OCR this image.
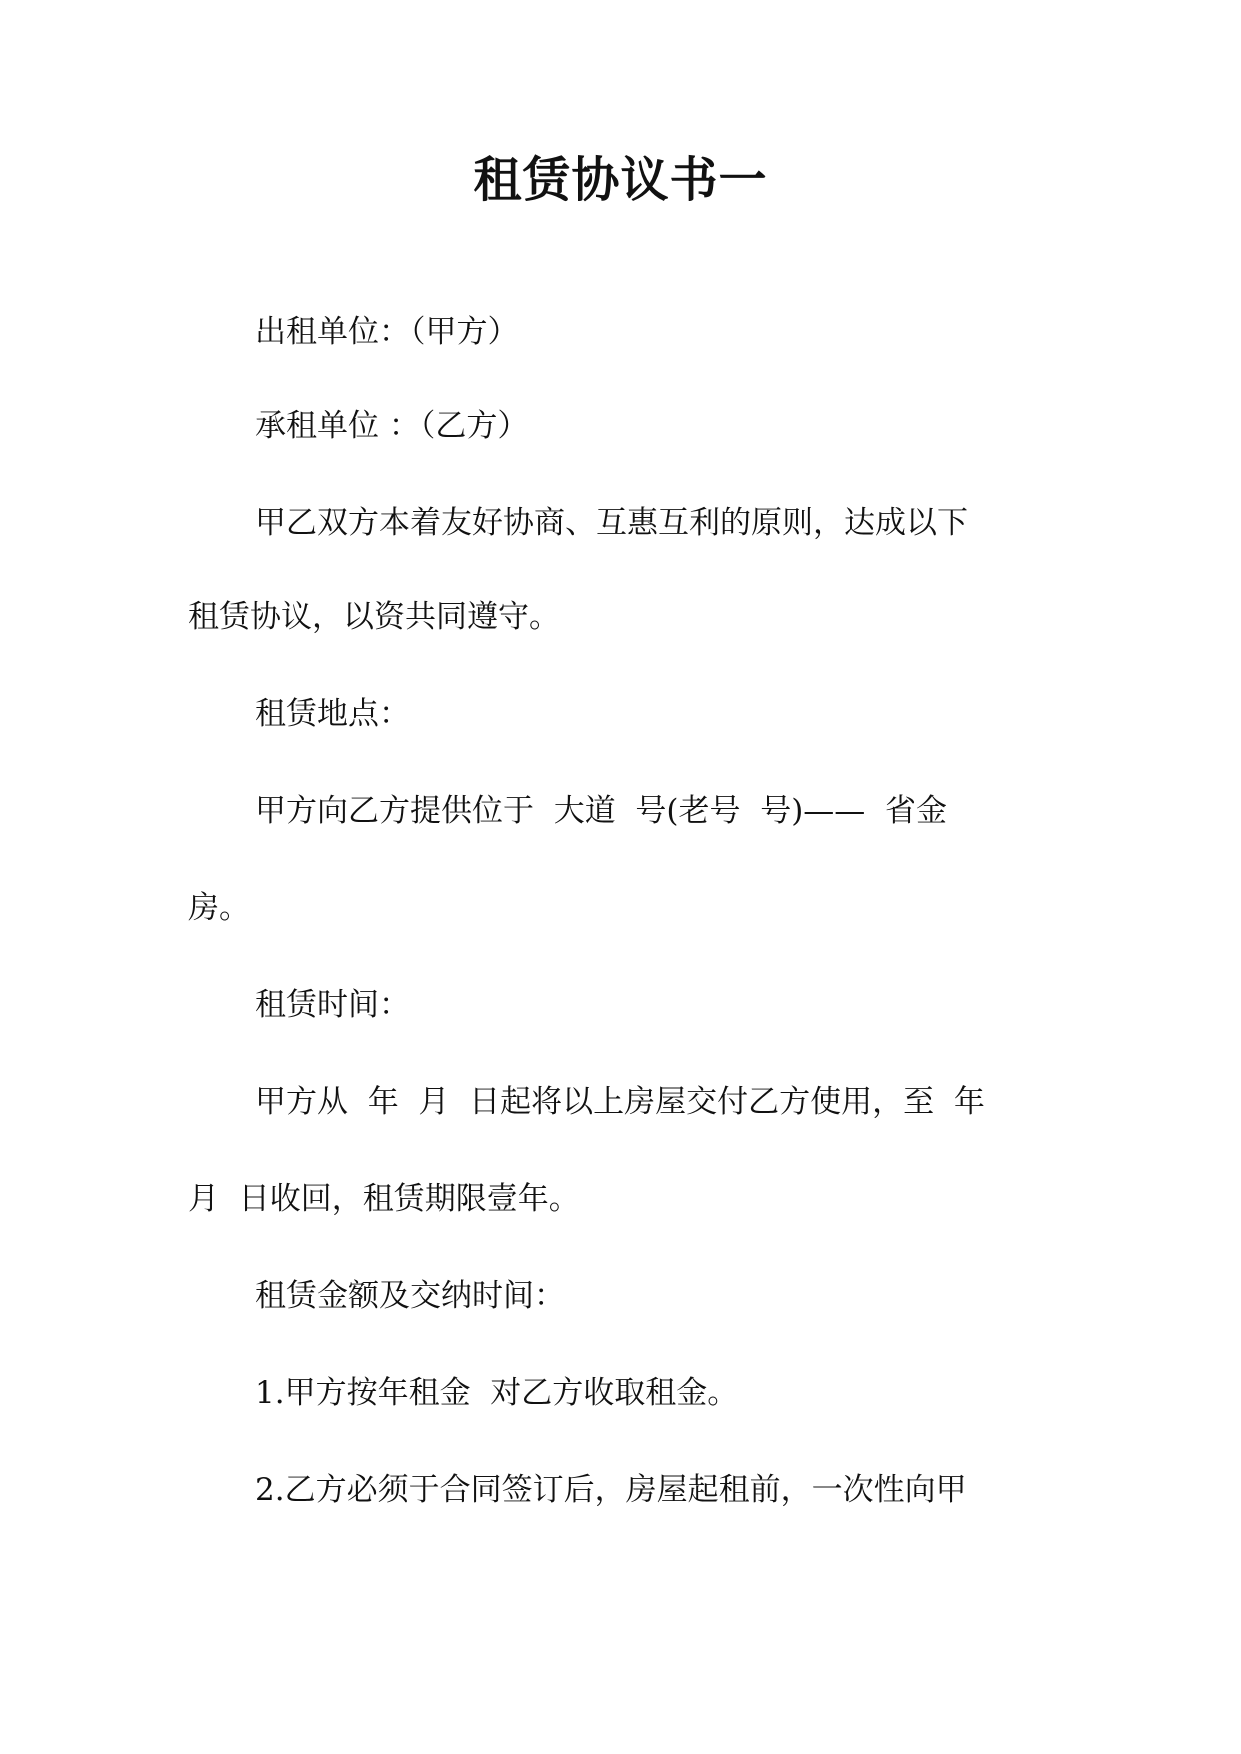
租赁协议书一
出租单位：（甲方）
承租单位 ：（乙方）
甲乙双方本着友好协商、互惠互利的原则，达成以下
租赁协议，以资共同遵守。
租赁地点：
甲方向乙方提供位于  大道  号(老号  号)——  省金
房。
租赁时间：
甲方从  年  月  日起将以上房屋交付乙方使用，至  年
月  日收回，租赁期限壹年。
租赁金额及交纳时间：
1.甲方按年租金  对乙方收取租金。
2.乙方必须于合同签订后，房屋起租前，一次性向甲
